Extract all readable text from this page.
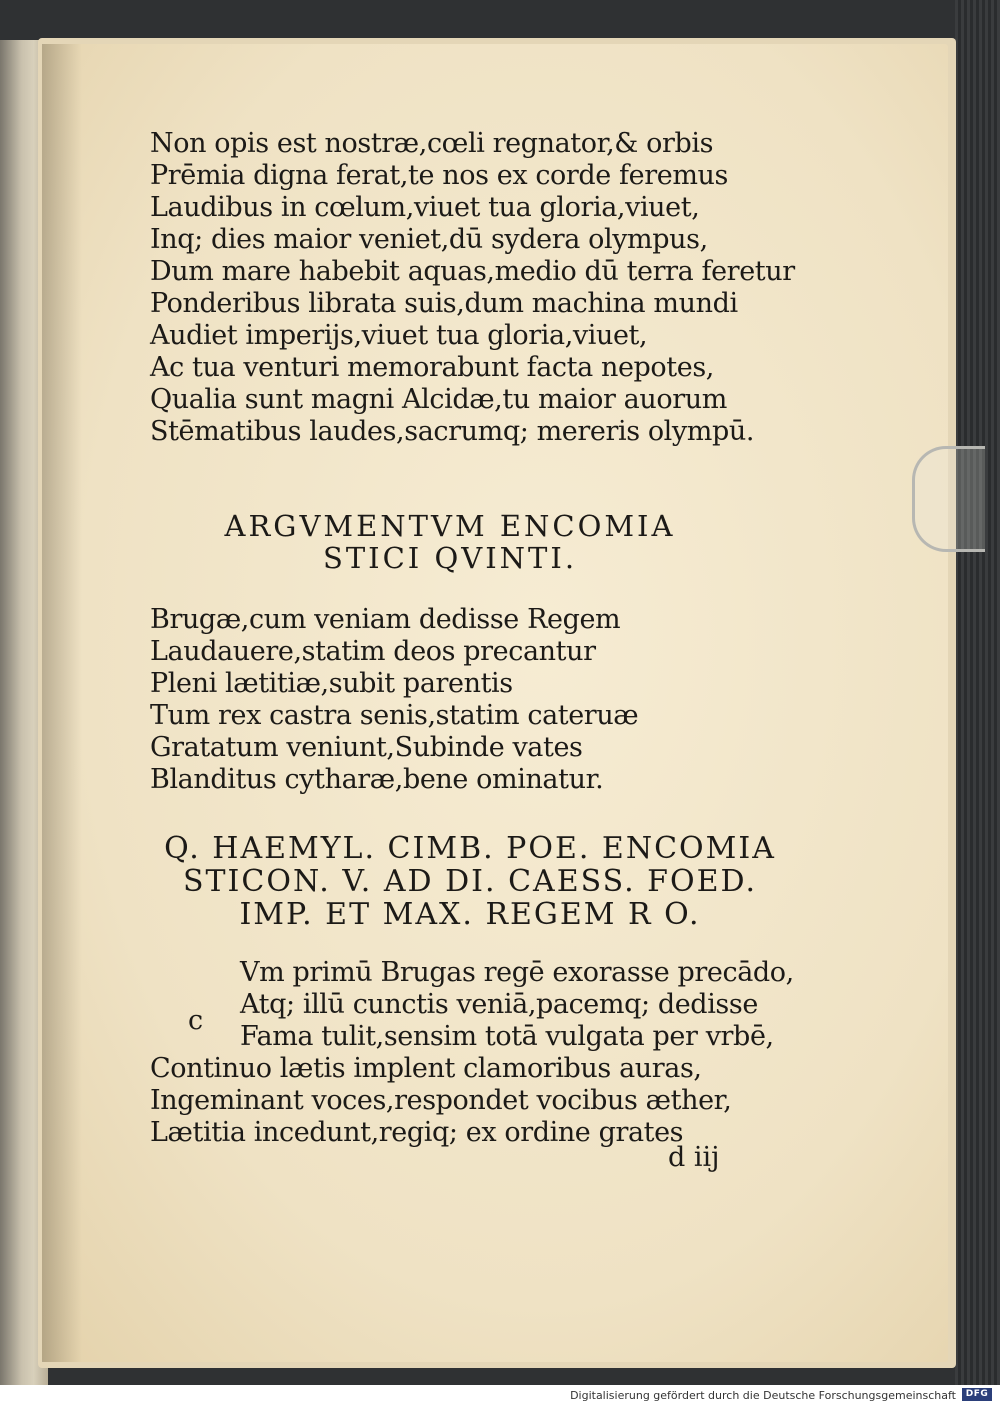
Non opis est nostræ,cœli regnator,& orbis
Prēmia digna ferat,te nos ex corde feremus
Laudibus in cœlum,viuet tua gloria,viuet,
Inq; dies maior veniet,dū sydera olympus,
Dum mare habebit aquas,medio dū terra feretur
Ponderibus librata suis,dum machina mundi
Audiet imperijs,viuet tua gloria,viuet,
Ac tua venturi memorabunt facta nepotes,
Qualia sunt magni Alcidæ,tu maior auorum
Stēmatibus laudes,sacrumq; mereris olympū.
ARGVMENTVM ENCOMIA
STICI QVINTI.
Brugæ,cum veniam dedisse Regem
Laudauere,statim deos precantur
Pleni lætitiæ,subit parentis
Tum rex castra senis,statim cateruæ
Gratatum veniunt,Subinde vates
Blanditus cytharæ,bene ominatur.
Q. HAEMYL. CIMB. POE. ENCOMIA
STICON. V. AD DI. CAESS. FOED.
IMP. ET MAX. REGEM R O.
Vm primū Brugas regē exorasse precādo,
Atq; illū cunctis veniā,pacemq; dedisse
Fama tulit,sensim totā vulgata per vrbē,
Continuo lætis implent clamoribus auras,
Ingeminant voces,respondet vocibus æther,
Lætitia incedunt,regiq; ex ordine grates
c
d iij
Digitalisierung gefördert durch die Deutsche Forschungsgemeinschaft	DFG
